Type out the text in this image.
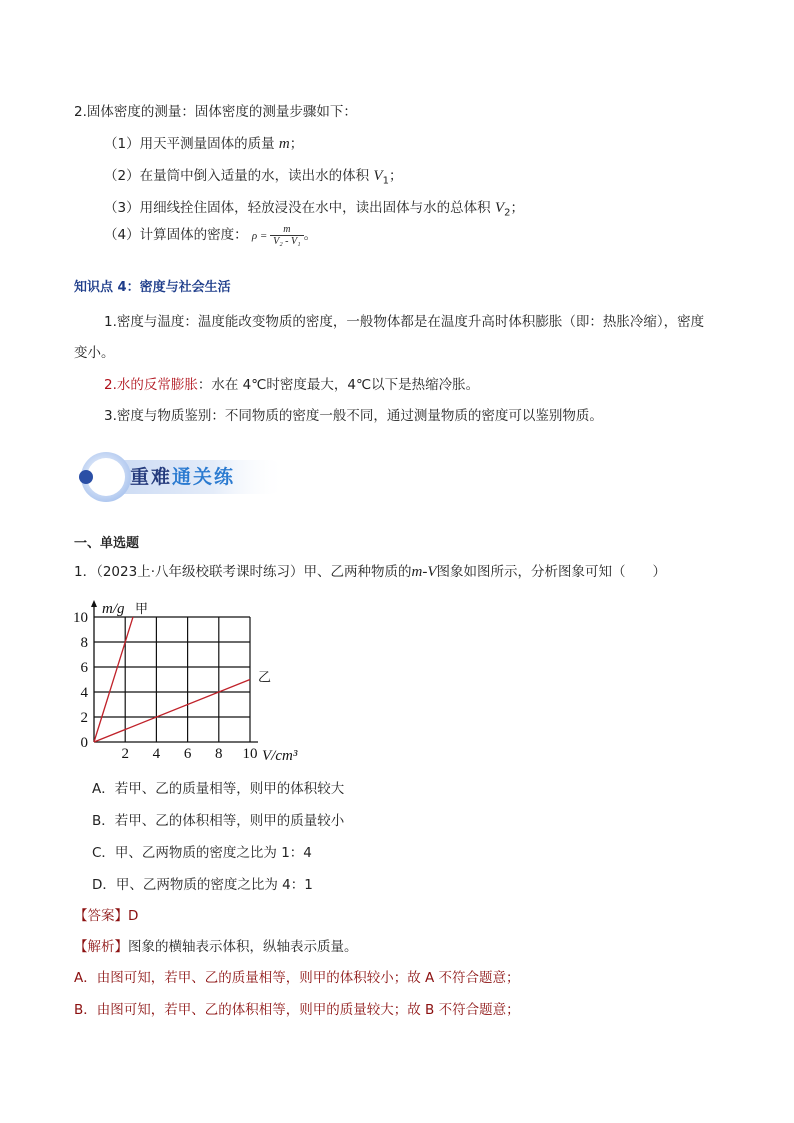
2.固体密度的测量：固体密度的测量步骤如下：
（1）用天平测量固体的质量 m；
（2）在量筒中倒入适量的水，读出水的体积 $V_1$；
（3）用细线拴住固体，轻放浸没在水中，读出固体与水的总体积 $V_2$；
（4）计算固体的密度： $\rho = \frac{m}{\text{V₂ - V₁}}$ 。
知识点 4：密度与社会生活
1.密度与温度：温度能改变物质的密度，一般物体都是在温度升高时体积膨胀（即：热胀冷缩），密度
变小。
2.水的反常膨胀：水在 4℃时密度最大，4℃以下是热缩冷胀。
3.密度与物质鉴别：不同物质的密度一般不同，通过测量物质的密度可以鉴别物质。
重难通关练
一、单选题
1．（2023上·八年级校联考课时练习）甲、乙两种物质的m-V图象如图所示，分析图象可知（　　）
0
2
4
6
8
10
2 4 6 8 10
甲
乙
m/g
V/cm³
A．若甲、乙的质量相等，则甲的体积较大
B．若甲、乙的体积相等，则甲的质量较小
C．甲、乙两物质的密度之比为 1：4
D．甲、乙两物质的密度之比为 4：1
【答案】D
【解析】图象的横轴表示体积，纵轴表示质量。
A．由图可知，若甲、乙的质量相等，则甲的体积较小；故 A 不符合题意；
B．由图可知，若甲、乙的体积相等，则甲的质量较大；故 B 不符合题意；
